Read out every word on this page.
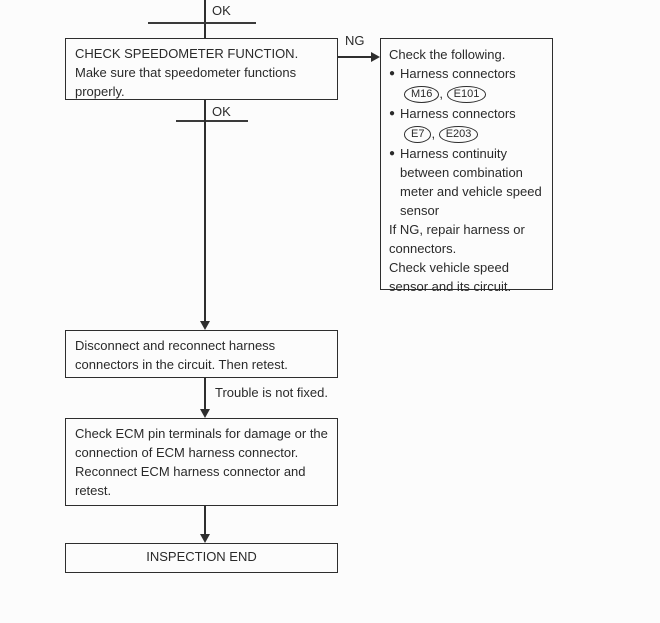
OK
CHECK SPEEDOMETER FUNCTION.
Make sure that speedometer functions properly.
NG
Check the following.
● Harness connectors
M16 , E101
● Harness connectors
E7 , E203
● Harness continuity between combination meter and vehicle speed sensor
If NG, repair harness or connectors.
Check vehicle speed sensor and its circuit.
OK
Disconnect and reconnect harness connectors in the circuit. Then retest.
Trouble is not fixed.
Check ECM pin terminals for damage or the connection of ECM harness connector. Reconnect ECM harness connector and retest.
INSPECTION END
